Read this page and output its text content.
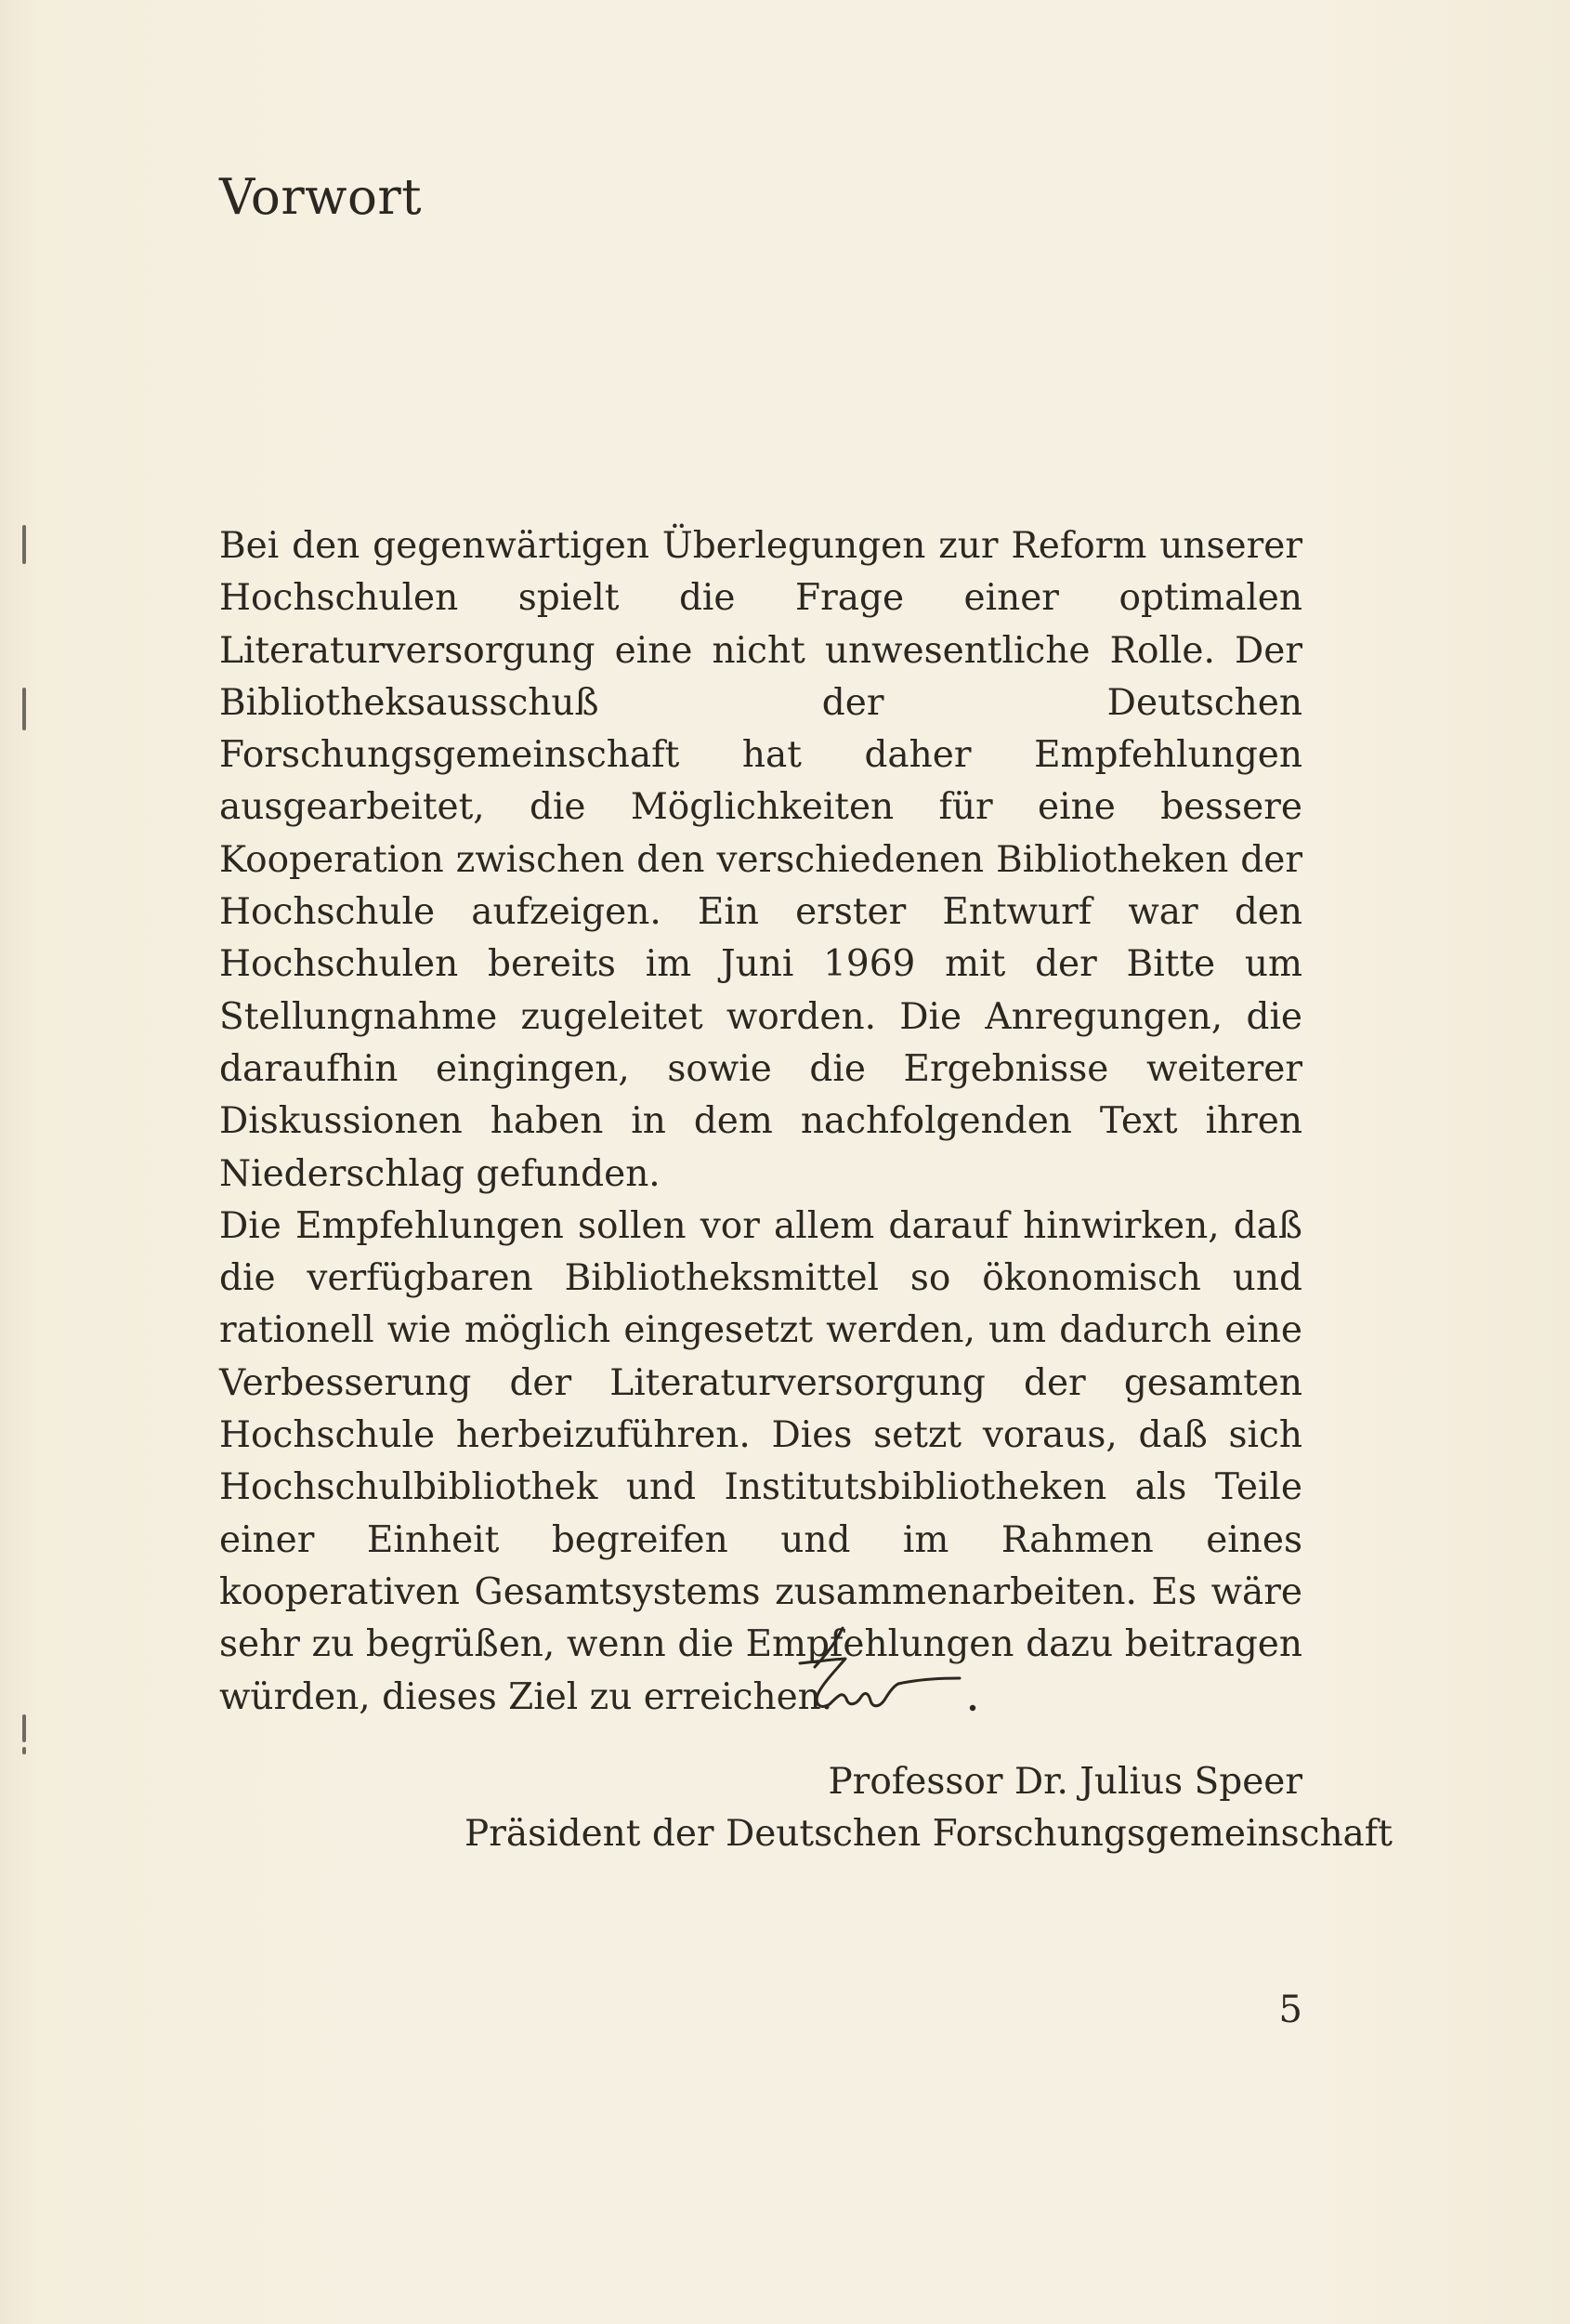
Vorwort

Bei den gegenwärtigen Überlegungen zur Reform unserer Hochschulen spielt die Frage einer optimalen Literaturversorgung eine nicht unwesentliche Rolle. Der Bibliotheksausschuß der Deutschen Forschungsgemeinschaft hat daher Empfehlungen ausgearbeitet, die Möglichkeiten für eine bessere Kooperation zwischen den verschiedenen Bibliotheken der Hochschule aufzeigen. Ein erster Entwurf war den Hochschulen bereits im Juni 1969 mit der Bitte um Stellungnahme zugeleitet worden. Die Anregungen, die daraufhin eingingen, sowie die Ergebnisse weiterer Diskussionen haben in dem nachfolgenden Text ihren Niederschlag gefunden.

Die Empfehlungen sollen vor allem darauf hinwirken, daß die verfügbaren Bibliotheksmittel so ökonomisch und rationell wie möglich eingesetzt werden, um dadurch eine Verbesserung der Literaturversorgung der gesamten Hochschule herbeizuführen. Dies setzt voraus, daß sich Hochschulbibliothek und Institutsbibliotheken als Teile einer Einheit begreifen und im Rahmen eines kooperativen Gesamtsystems zusammenarbeiten. Es wäre sehr zu begrüßen, wenn die Empfehlungen dazu beitragen würden, dieses Ziel zu erreichen.

Professor Dr. Julius Speer
Präsident der Deutschen Forschungsgemeinschaft
5
